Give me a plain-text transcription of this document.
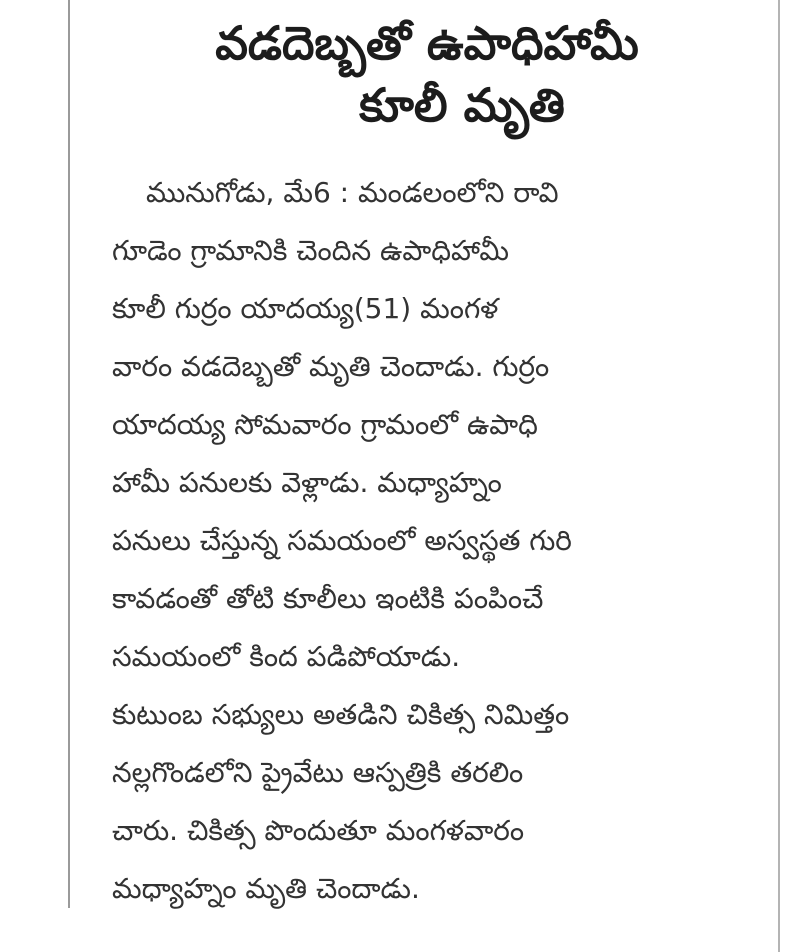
వడదెబ్బతో ఉపాధిహామీ
కూలీ మృతి
మునుగోడు, మే6 : మండలంలోని రావి
గూడెం గ్రామానికి చెందిన ఉపాధిహామీ
కూలీ గుర్రం యాదయ్య(51) మంగళ
వారం వడదెబ్బతో మృతి చెందాడు. గుర్రం
యాదయ్య సోమవారం గ్రామంలో ఉపాధి
హామీ పనులకు వెళ్లాడు. మధ్యాహ్నం
పనులు చేస్తున్న సమయంలో అస్వస్థత గురి
కావడంతో తోటి కూలీలు ఇంటికి పంపించే
సమయంలో కింద పడిపోయాడు.
కుటుంబ సభ్యులు అతడిని చికిత్స నిమిత్తం
నల్లగొండలోని ప్రైవేటు ఆస్పత్రికి తరలిం
చారు. చికిత్స పొందుతూ మంగళవారం
మధ్యాహ్నం మృతి చెందాడు.
